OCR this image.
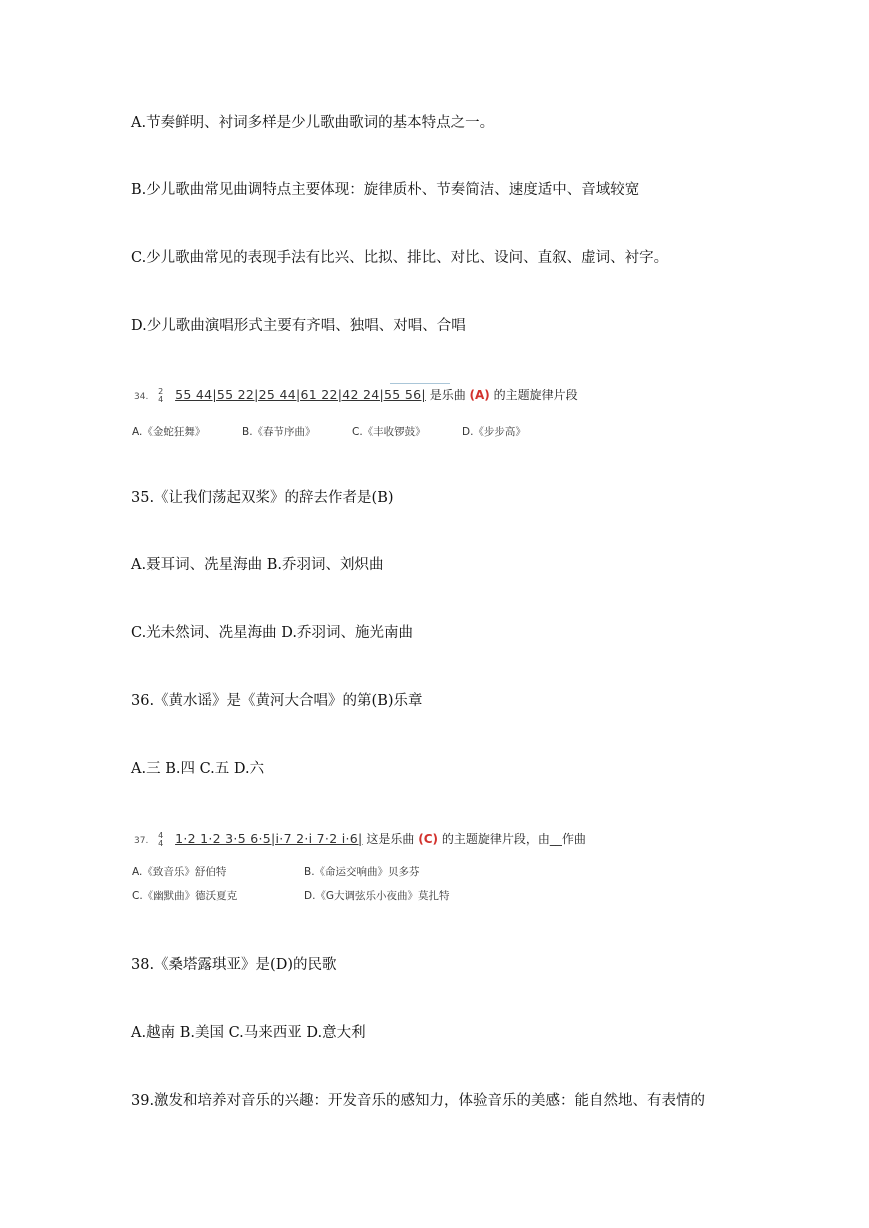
A.节奏鲜明、衬词多样是少儿歌曲歌词的基本特点之一。
B.少儿歌曲常见曲调特点主要体现：旋律质朴、节奏简洁、速度适中、音域较宽
C.少儿歌曲常见的表现手法有比兴、比拟、排比、对比、设问、直叙、虚词、衬字。
D.少儿歌曲演唱形式主要有齐唱、独唱、对唱、合唱
34. 2
4 55 44|55 22|25 44|61 22|42 24|55 56| 是乐曲 (A) 的主题旋律片段
A.《金蛇狂舞》	B.《春节序曲》	C.《丰收锣鼓》	D.《步步高》
35.《让我们荡起双桨》的辞去作者是(B)
A.聂耳词、冼星海曲 B.乔羽词、刘炽曲
C.光未然词、冼星海曲 D.乔羽词、施光南曲
36.《黄水谣》是《黄河大合唱》的第(B)乐章
A.三 B.四 C.五 D.六
37. 4
4 1·2 1·2 3·5 6·5|i·7 2·i 7·2 i·6| 这是乐曲 (C) 的主题旋律片段，由__作曲
A.《致音乐》舒伯特	B.《命运交响曲》贝多芬
C.《幽默曲》德沃夏克	D.《G大调弦乐小夜曲》莫扎特
38.《桑塔露琪亚》是(D)的民歌
A.越南 B.美国 C.马来西亚 D.意大利
39.激发和培养对音乐的兴趣：开发音乐的感知力，体验音乐的美感：能自然地、有表情的
